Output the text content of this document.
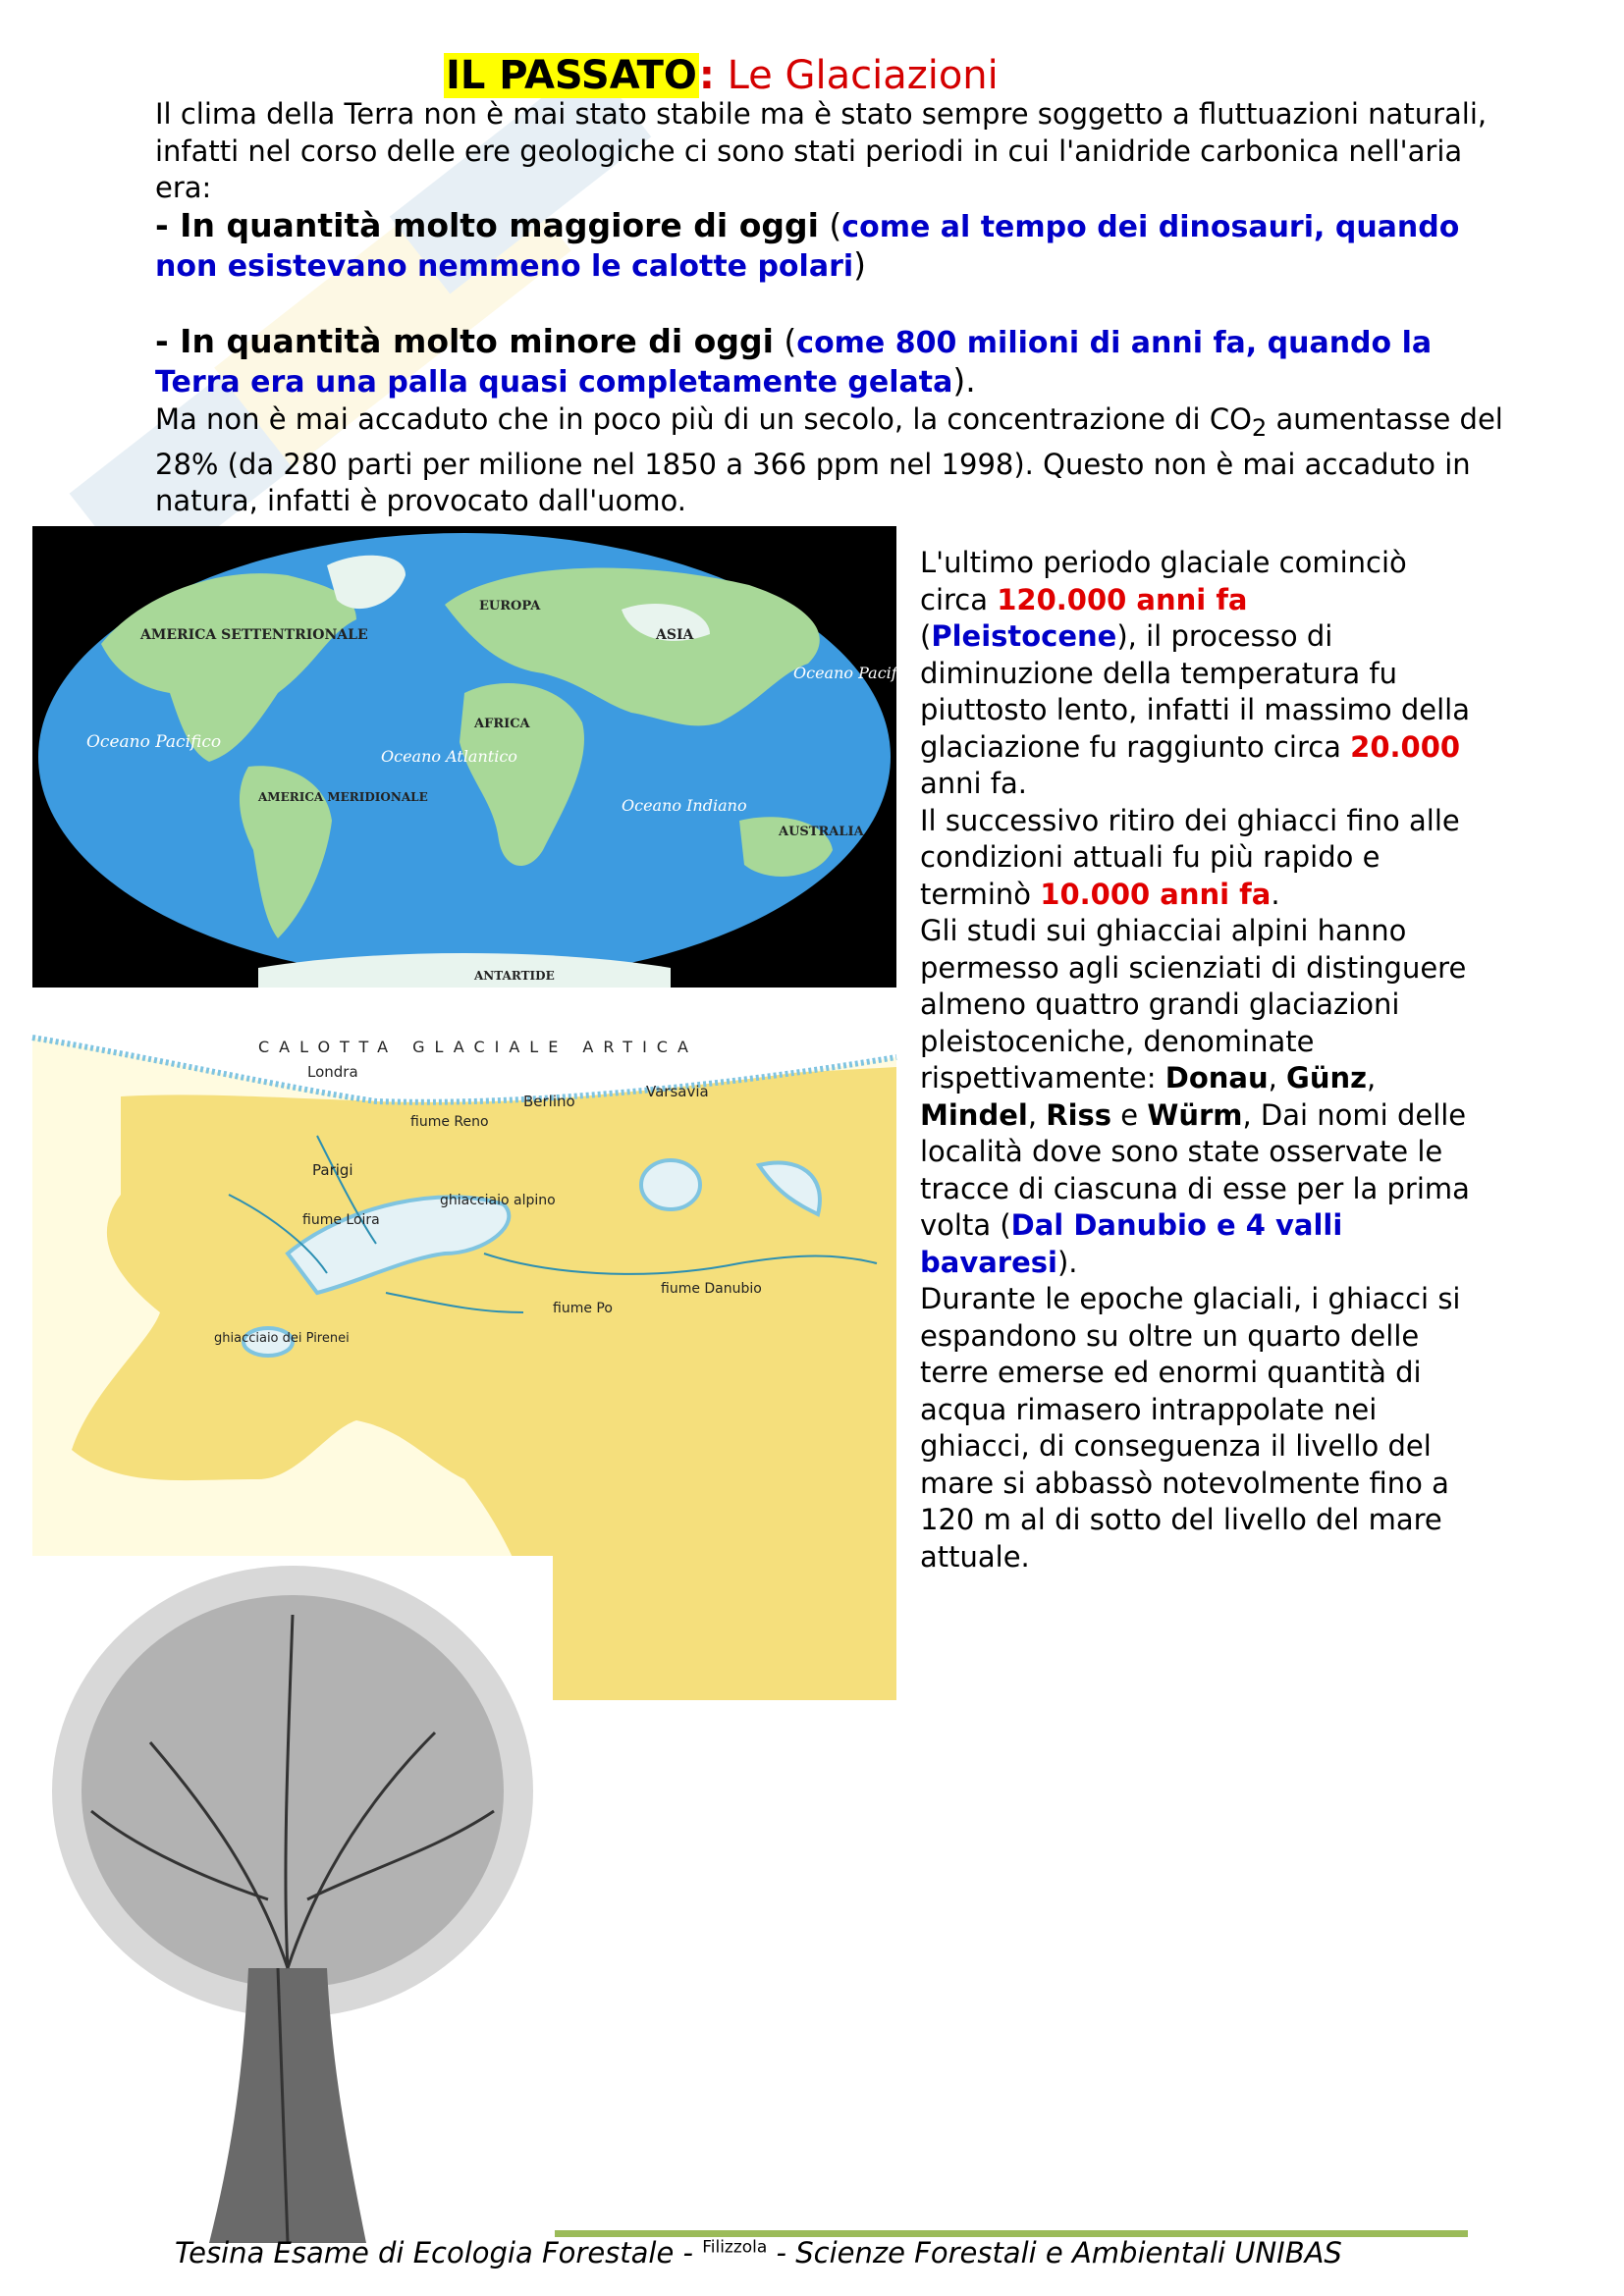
IL PASSATO: Le Glaciazioni

Il clima della Terra non è mai stato stabile ma è stato sempre soggetto a fluttuazioni naturali, infatti nel corso delle ere geologiche ci sono stati periodi in cui l'anidride carbonica nell'aria era:

- In quantità molto maggiore di oggi (come al tempo dei dinosauri, quando non esistevano nemmeno le calotte polari)

- In quantità molto minore di oggi (come 800 milioni di anni fa, quando la Terra era una palla quasi completamente gelata).

Ma non è mai accaduto che in poco più di un secolo, la concentrazione di $CO_2$ aumentasse del 28% (da 280 parti per milione nel 1850 a 366 ppm nel 1998). Questo non è mai accaduto in natura, infatti è provocato dall'uomo.

AMERICA SETTENTRIONALE
EUROPA
ASIA
AFRICA
AMERICA MERIDIONALE
AUSTRALIA
ANTARTIDE
Oceano Pacifico
Oceano Pacifico
Oceano Atlantico
Oceano Indiano
CALOTTA GLACIALE ARTICA
Londra
Berlino
Varsavia
Parigi
fiume Reno
ghiacciaio alpino
fiume Loira
fiume Danubio
fiume Po
ghiacciaio dei Pirenei

L'ultimo periodo glaciale cominciò circa 120.000 anni fa
(Pleistocene), il processo di diminuzione della temperatura fu piuttosto lento, infatti il massimo della glaciazione fu raggiunto circa 20.000 anni fa.

Il successivo ritiro dei ghiacci fino alle condizioni attuali fu più rapido e terminò 10.000 anni fa.

Gli studi sui ghiacciai alpini hanno permesso agli scienziati di distinguere almeno quattro grandi glaciazioni pleistoceniche, denominate rispettivamente: Donau, Günz, Mindel, Riss e Würm, Dai nomi delle località dove sono state osservate le tracce di ciascuna di esse per la prima volta (Dal Danubio e 4 valli bavaresi).

Durante le epoche glaciali, i ghiacci si espandono su oltre un quarto delle terre emerse ed enormi quantità di acqua rimasero intrappolate nei ghiacci, di conseguenza il livello del mare si abbassò notevolmente fino a 120 m al di sotto del livello del mare attuale.

Tesina Esame di Ecologia Forestale - $^{Filizzola}$ - Scienze Forestali e Ambientali UNIBAS
